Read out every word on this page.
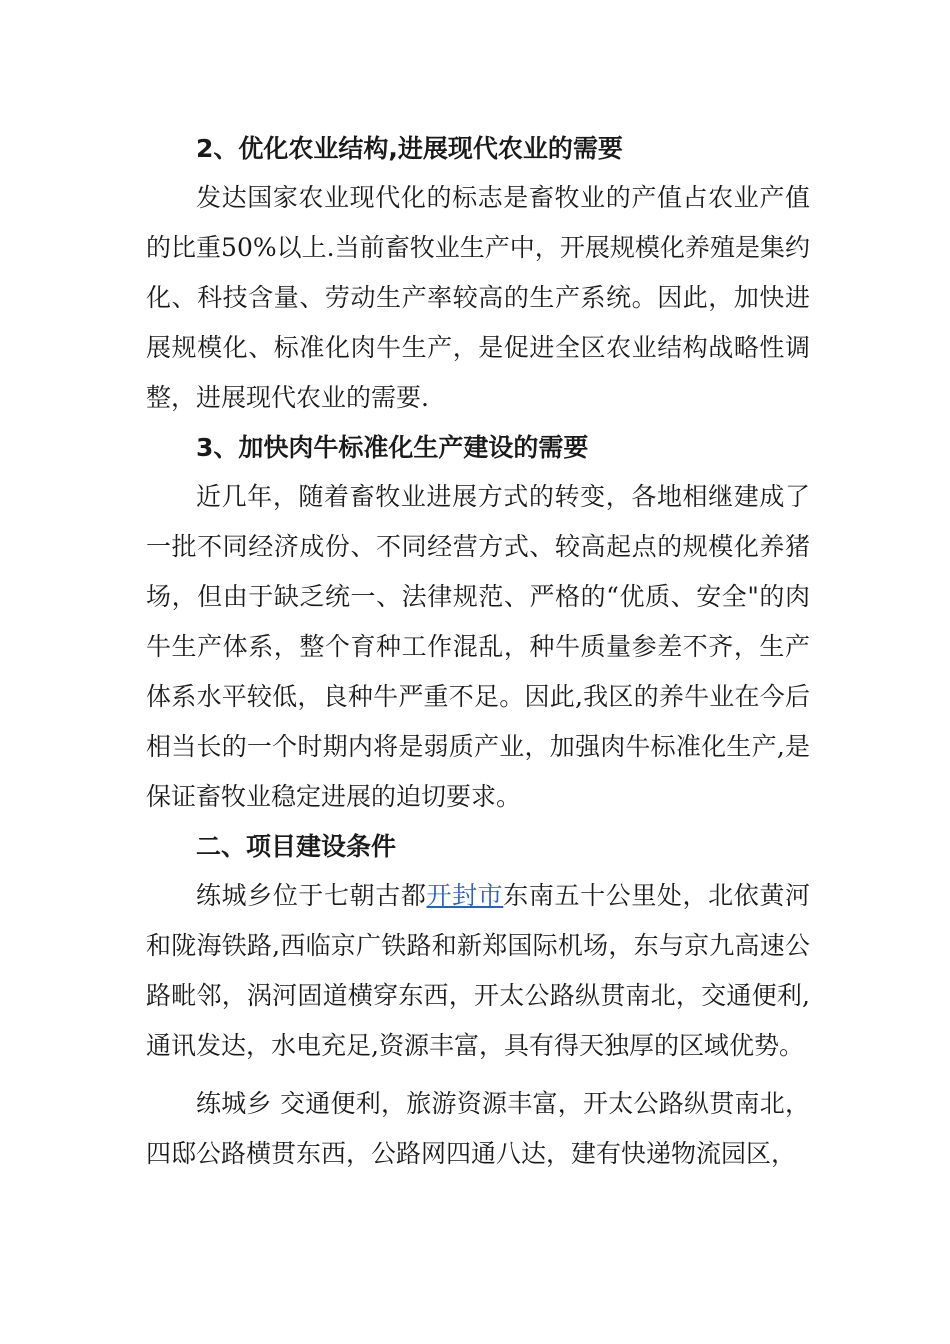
2、优化农业结构,进展现代农业的需要

发达国家农业现代化的标志是畜牧业的产值占农业产值的比重50%以上.当前畜牧业生产中，开展规模化养殖是集约化、科技含量、劳动生产率较高的生产系统。因此，加快进展规模化、标准化肉牛生产，是促进全区农业结构战略性调整，进展现代农业的需要.

3、加快肉牛标准化生产建设的需要

近几年，随着畜牧业进展方式的转变，各地相继建成了一批不同经济成份、不同经营方式、较高起点的规模化养猪场，但由于缺乏统一、法律规范、严格的“优质、安全"的肉牛生产体系，整个育种工作混乱，种牛质量参差不齐，生产体系水平较低，良种牛严重不足。因此,我区的养牛业在今后相当长的一个时期内将是弱质产业，加强肉牛标准化生产,是保证畜牧业稳定进展的迫切要求。

二、项目建设条件

练城乡位于七朝古都开封市东南五十公里处，北依黄河和陇海铁路,西临京广铁路和新郑国际机场，东与京九高速公路毗邻，涡河固道横穿东西，开太公路纵贯南北，交通便利,通讯发达，水电充足,资源丰富，具有得天独厚的区域优势。

练城乡 交通便利，旅游资源丰富，开太公路纵贯南北，四邸公路横贯东西，公路网四通八达，建有快递物流园区，
